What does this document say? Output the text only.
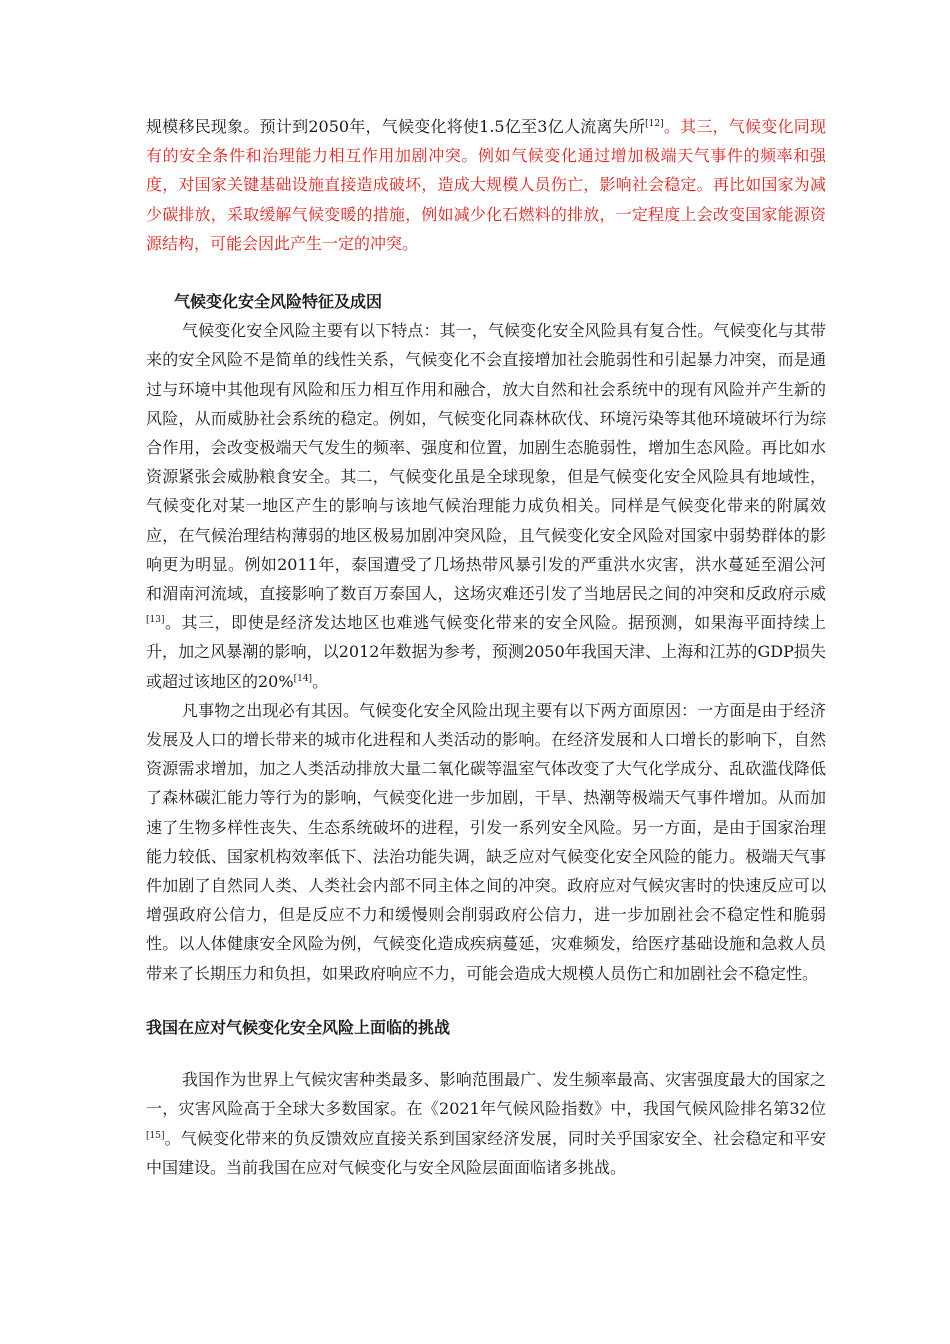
规模移民现象。预计到2050年，气候变化将使1.5亿至3亿人流离失所[12]。其三，气候变化同现有的安全条件和治理能力相互作用加剧冲突。例如气候变化通过增加极端天气事件的频率和强度，对国家关键基础设施直接造成破坏，造成大规模人员伤亡，影响社会稳定。再比如国家为减少碳排放，采取缓解气候变暖的措施，例如减少化石燃料的排放，一定程度上会改变国家能源资源结构，可能会因此产生一定的冲突。

气候变化安全风险特征及成因

气候变化安全风险主要有以下特点：其一，气候变化安全风险具有复合性。气候变化与其带来的安全风险不是简单的线性关系，气候变化不会直接增加社会脆弱性和引起暴力冲突，而是通过与环境中其他现有风险和压力相互作用和融合，放大自然和社会系统中的现有风险并产生新的风险，从而威胁社会系统的稳定。例如，气候变化同森林砍伐、环境污染等其他环境破坏行为综合作用，会改变极端天气发生的频率、强度和位置，加剧生态脆弱性，增加生态风险。再比如水资源紧张会威胁粮食安全。其二，气候变化虽是全球现象，但是气候变化安全风险具有地域性，气候变化对某一地区产生的影响与该地气候治理能力成负相关。同样是气候变化带来的附属效应，在气候治理结构薄弱的地区极易加剧冲突风险，且气候变化安全风险对国家中弱势群体的影响更为明显。例如2011年，泰国遭受了几场热带风暴引发的严重洪水灾害，洪水蔓延至湄公河和湄南河流域，直接影响了数百万泰国人，这场灾难还引发了当地居民之间的冲突和反政府示威[13]。其三，即使是经济发达地区也难逃气候变化带来的安全风险。据预测，如果海平面持续上升，加之风暴潮的影响，以2012年数据为参考，预测2050年我国天津、上海和江苏的GDP损失或超过该地区的20%[14]。

凡事物之出现必有其因。气候变化安全风险出现主要有以下两方面原因：一方面是由于经济发展及人口的增长带来的城市化进程和人类活动的影响。在经济发展和人口增长的影响下，自然资源需求增加，加之人类活动排放大量二氧化碳等温室气体改变了大气化学成分、乱砍滥伐降低了森林碳汇能力等行为的影响，气候变化进一步加剧，干旱、热潮等极端天气事件增加。从而加速了生物多样性丧失、生态系统破坏的进程，引发一系列安全风险。另一方面，是由于国家治理能力较低、国家机构效率低下、法治功能失调，缺乏应对气候变化安全风险的能力。极端天气事件加剧了自然同人类、人类社会内部不同主体之间的冲突。政府应对气候灾害时的快速反应可以增强政府公信力，但是反应不力和缓慢则会削弱政府公信力，进一步加剧社会不稳定性和脆弱性。以人体健康安全风险为例，气候变化造成疾病蔓延，灾难频发，给医疗基础设施和急救人员带来了长期压力和负担，如果政府响应不力，可能会造成大规模人员伤亡和加剧社会不稳定性。

我国在应对气候变化安全风险上面临的挑战

我国作为世界上气候灾害种类最多、影响范围最广、发生频率最高、灾害强度最大的国家之一，灾害风险高于全球大多数国家。在《2021年气候风险指数》中，我国气候风险排名第32位[15]。气候变化带来的负反馈效应直接关系到国家经济发展，同时关乎国家安全、社会稳定和平安中国建设。当前我国在应对气候变化与安全风险层面面临诸多挑战。
